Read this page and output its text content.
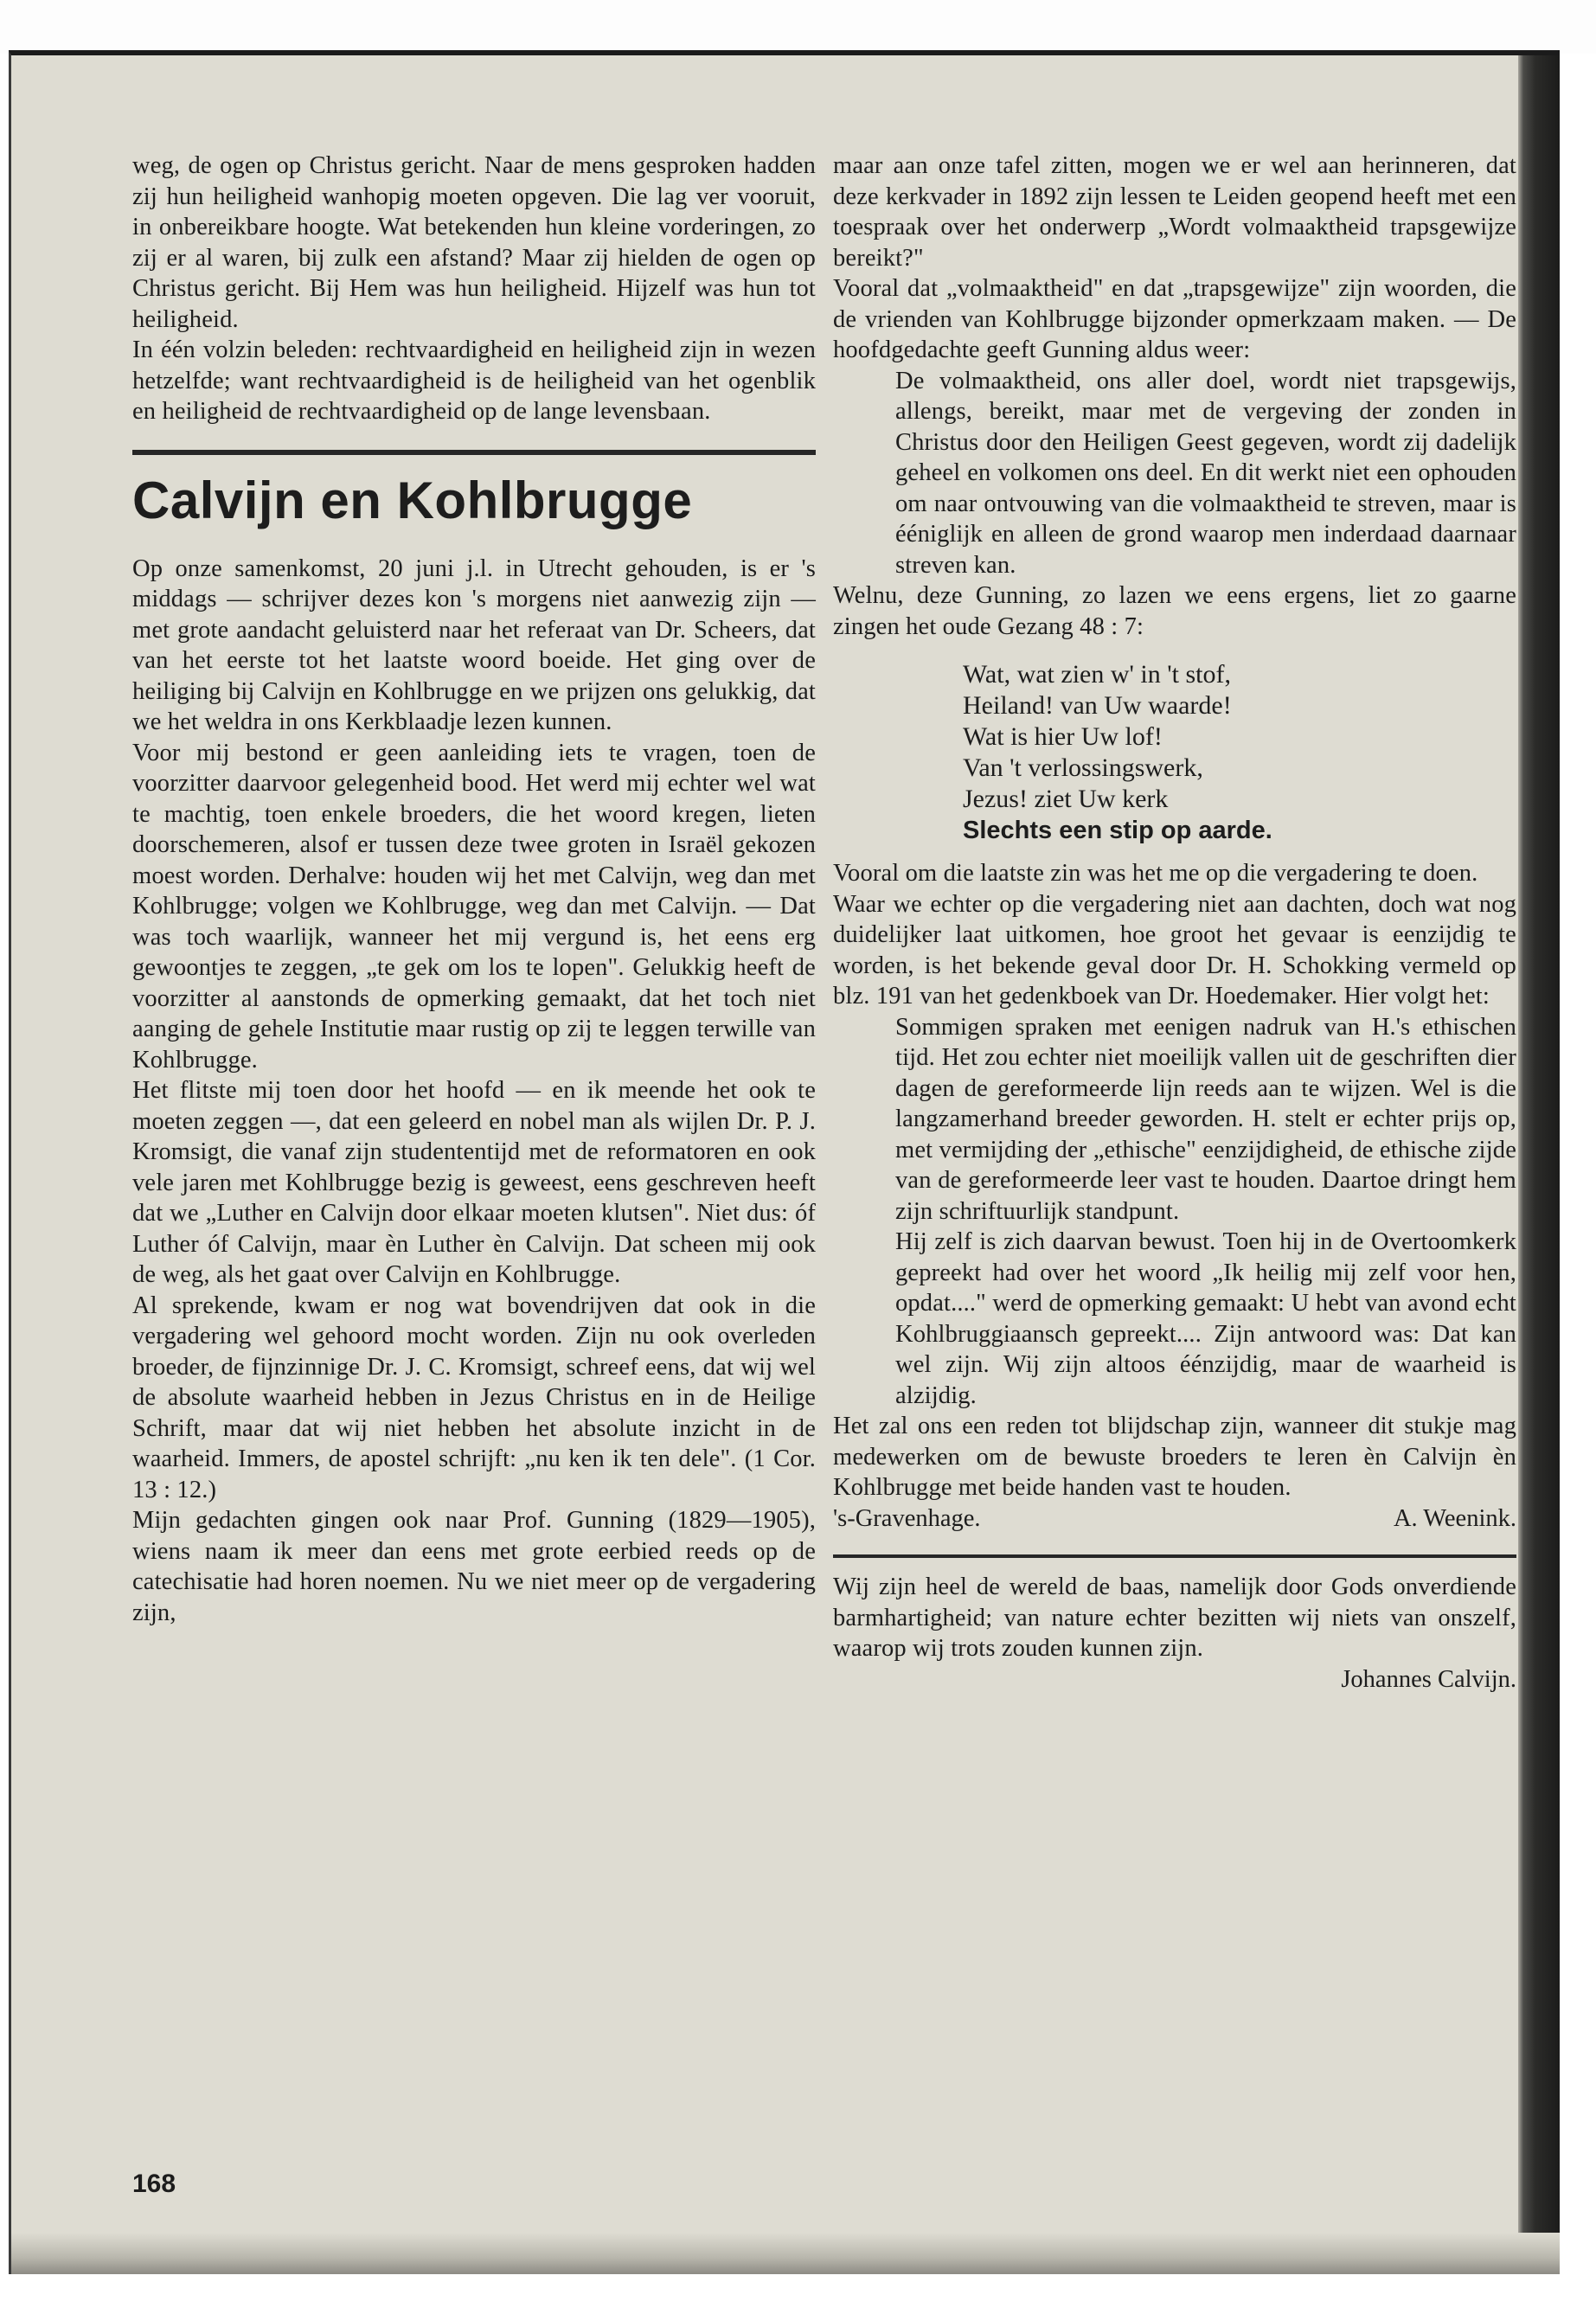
weg, de ogen op Christus gericht. Naar de mens gesproken hadden zij hun heiligheid wanhopig moeten opgeven. Die lag ver vooruit, in onbereikbare hoogte. Wat betekenden hun kleine vorderingen, zo zij er al waren, bij zulk een afstand? Maar zij hielden de ogen op Christus gericht. Bij Hem was hun heiligheid. Hijzelf was hun tot heiligheid.

In één volzin beleden: rechtvaardigheid en heiligheid zijn in wezen hetzelfde; want rechtvaardigheid is de heiligheid van het ogenblik en heiligheid de rechtvaardigheid op de lange levensbaan.

Calvijn en Kohlbrugge

Op onze samenkomst, 20 juni j.l. in Utrecht gehouden, is er 's middags — schrijver dezes kon 's morgens niet aanwezig zijn — met grote aandacht geluisterd naar het referaat van Dr. Scheers, dat van het eerste tot het laatste woord boeide. Het ging over de heiliging bij Calvijn en Kohlbrugge en we prijzen ons gelukkig, dat we het weldra in ons Kerkblaadje lezen kunnen.

Voor mij bestond er geen aanleiding iets te vragen, toen de voorzitter daarvoor gelegenheid bood. Het werd mij echter wel wat te machtig, toen enkele broeders, die het woord kregen, lieten doorschemeren, alsof er tussen deze twee groten in Israël gekozen moest worden. Derhalve: houden wij het met Calvijn, weg dan met Kohlbrugge; volgen we Kohlbrugge, weg dan met Calvijn. — Dat was toch waarlijk, wanneer het mij vergund is, het eens erg gewoontjes te zeggen, „te gek om los te lopen". Gelukkig heeft de voorzitter al aanstonds de opmerking gemaakt, dat het toch niet aanging de gehele Institutie maar rustig op zij te leggen terwille van Kohlbrugge.

Het flitste mij toen door het hoofd — en ik meende het ook te moeten zeggen —, dat een geleerd en nobel man als wijlen Dr. P. J. Kromsigt, die vanaf zijn studententijd met de reformatoren en ook vele jaren met Kohlbrugge bezig is geweest, eens geschreven heeft dat we „Luther en Calvijn door elkaar moeten klutsen". Niet dus: óf Luther óf Calvijn, maar èn Luther èn Calvijn. Dat scheen mij ook de weg, als het gaat over Calvijn en Kohlbrugge.

Al sprekende, kwam er nog wat bovendrijven dat ook in die vergadering wel gehoord mocht worden. Zijn nu ook overleden broeder, de fijnzinnige Dr. J. C. Kromsigt, schreef eens, dat wij wel de absolute waarheid hebben in Jezus Christus en in de Heilige Schrift, maar dat wij niet hebben het absolute inzicht in de waarheid. Immers, de apostel schrijft: „nu ken ik ten dele". (1 Cor. 13 : 12.)

Mijn gedachten gingen ook naar Prof. Gunning (1829—1905), wiens naam ik meer dan eens met grote eerbied reeds op de catechisatie had horen noemen. Nu we niet meer op de vergadering zijn,

168

maar aan onze tafel zitten, mogen we er wel aan herinneren, dat deze kerkvader in 1892 zijn lessen te Leiden geopend heeft met een toespraak over het onderwerp „Wordt volmaaktheid trapsgewijze bereikt?"

Vooral dat „volmaaktheid" en dat „trapsgewijze" zijn woorden, die de vrienden van Kohlbrugge bijzonder opmerkzaam maken. — De hoofdgedachte geeft Gunning aldus weer:

De volmaaktheid, ons aller doel, wordt niet trapsgewijs, allengs, bereikt, maar met de vergeving der zonden in Christus door den Heiligen Geest gegeven, wordt zij dadelijk geheel en volkomen ons deel. En dit werkt niet een ophouden om naar ontvouwing van die volmaaktheid te streven, maar is ééniglijk en alleen de grond waarop men inderdaad daarnaar streven kan.

Welnu, deze Gunning, zo lazen we eens ergens, liet zo gaarne zingen het oude Gezang 48 : 7:

Wat, wat zien w' in 't stof,
Heiland! van Uw waarde!
Wat is hier Uw lof!
Van 't verlossingswerk,
Jezus! ziet Uw kerk
Slechts een stip op aarde.

Vooral om die laatste zin was het me op die vergadering te doen.

Waar we echter op die vergadering niet aan dachten, doch wat nog duidelijker laat uitkomen, hoe groot het gevaar is eenzijdig te worden, is het bekende geval door Dr. H. Schokking vermeld op blz. 191 van het gedenkboek van Dr. Hoedemaker. Hier volgt het:

Sommigen spraken met eenigen nadruk van H.'s ethischen tijd. Het zou echter niet moeilijk vallen uit de geschriften dier dagen de gereformeerde lijn reeds aan te wijzen. Wel is die langzamerhand breeder geworden. H. stelt er echter prijs op, met vermijding der „ethische" eenzijdigheid, de ethische zijde van de gereformeerde leer vast te houden. Daartoe dringt hem zijn schriftuurlijk standpunt.

Hij zelf is zich daarvan bewust. Toen hij in de Overtoomkerk gepreekt had over het woord „Ik heilig mij zelf voor hen, opdat...." werd de opmerking gemaakt: U hebt van avond echt Kohlbruggiaansch gepreekt.... Zijn antwoord was: Dat kan wel zijn. Wij zijn altoos éénzijdig, maar de waarheid is alzijdig.

Het zal ons een reden tot blijdschap zijn, wanneer dit stukje mag medewerken om de bewuste broeders te leren èn Calvijn èn Kohlbrugge met beide handen vast te houden.

's-Gravenhage.	A. Weenink.

Wij zijn heel de wereld de baas, namelijk door Gods onverdiende barmhartigheid; van nature echter bezitten wij niets van onszelf, waarop wij trots zouden kunnen zijn.

Johannes Calvijn.
